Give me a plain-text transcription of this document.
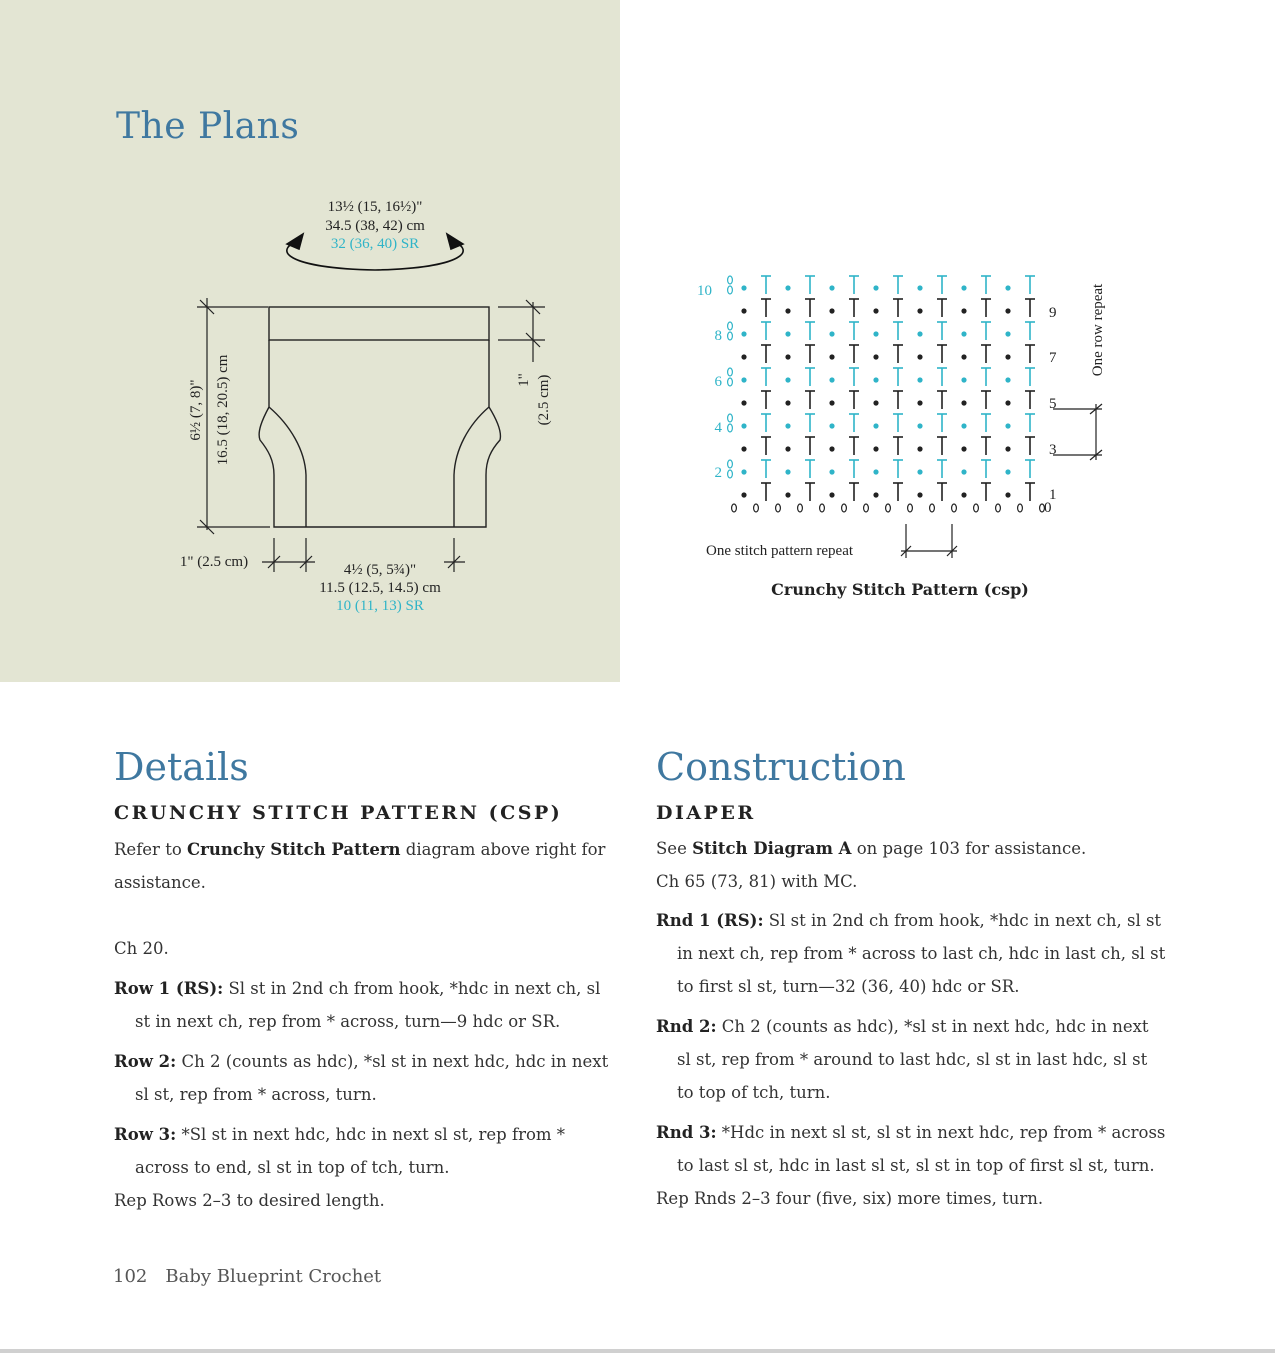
The Plans
13½ (15, 16½)"
34.5 (38, 42) cm
32 (36, 40) SR
6½ (7, 8)" 16.5 (18, 20.5) cm	1" (2.5 cm)
1" (2.5 cm)	4½ (5, 5¾)"
11.5 (12.5, 14.5) cm
10 (11, 13) SR
10
8
6
4
2
9
7
5
3
1
0
One row repeat
One stitch pattern repeat

Crunchy Stitch Pattern (csp)

Details
CRUNCHY STITCH PATTERN (CSP)

Refer to Crunchy Stitch Pattern diagram above right for assistance.

Ch 20.

Row 1 (RS): Sl st in 2nd ch from hook, *hdc in next ch, sl st in next ch, rep from * across, turn—9 hdc or SR.

Row 2: Ch 2 (counts as hdc), *sl st in next hdc, hdc in next sl st, rep from * across, turn.

Row 3: *Sl st in next hdc, hdc in next sl st, rep from * across to end, sl st in top of tch, turn.

Rep Rows 2–3 to desired length.

Construction
DIAPER

See Stitch Diagram A on page 103 for assistance.

Ch 65 (73, 81) with MC.

Rnd 1 (RS): Sl st in 2nd ch from hook, *hdc in next ch, sl st in next ch, rep from * across to last ch, hdc in last ch, sl st to first sl st, turn—32 (36, 40) hdc or SR.

Rnd 2: Ch 2 (counts as hdc), *sl st in next hdc, hdc in next sl st, rep from * around to last hdc, sl st in last hdc, sl st to top of tch, turn.

Rnd 3: *Hdc in next sl st, sl st in next hdc, rep from * across to last sl st, hdc in last sl st, sl st in top of first sl st, turn.

Rep Rnds 2–3 four (five, six) more times, turn.

102 Baby Blueprint Crochet
